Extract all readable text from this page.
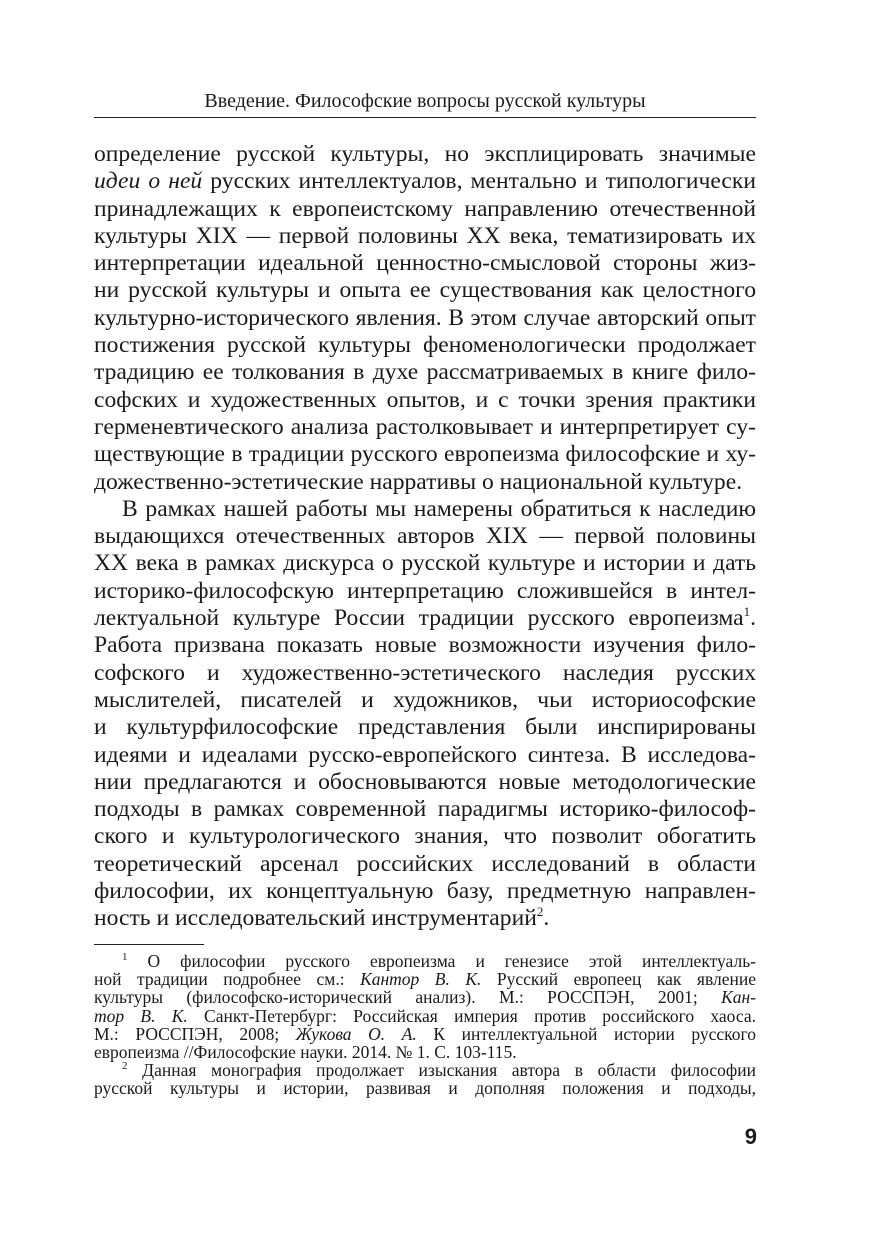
Введение. Философские вопросы русской культуры

определение русской культуры, но эксплицировать значимые
идеи о ней русских интеллектуалов, ментально и типологически
принадлежащих к европеистскому направлению отечественной
культуры XIX — первой половины XX века, тематизировать их
интерпретации идеальной ценностно-смысловой стороны жиз-
ни русской культуры и опыта ее существования как целостного
культурно-исторического явления. В этом случае авторский опыт
постижения русской культуры феноменологически продолжает
традицию ее толкования в духе рассматриваемых в книге фило-
софских и художественных опытов, и с точки зрения практики
герменевтического анализа растолковывает и интерпретирует су-
ществующие в традиции русского европеизма философские и ху-
дожественно-эстетические нарративы о национальной культуре.

В рамках нашей работы мы намерены обратиться к наследию
выдающихся отечественных авторов XIX — первой половины
XX века в рамках дискурса о русской культуре и истории и дать
историко-философскую интерпретацию сложившейся в интел-
лектуальной культуре России традиции русского европеизма$^1$.
Работа призвана показать новые возможности изучения фило-
софского и художественно-эстетического наследия русских
мыслителей, писателей и художников, чьи историософские
и культурфилософские представления были инспирированы
идеями и идеалами русско-европейского синтеза. В исследова-
нии предлагаются и обосновываются новые методологические
подходы в рамках современной парадигмы историко-философ-
ского и культурологического знания, что позволит обогатить
теоретический арсенал российских исследований в области
философии, их концептуальную базу, предметную направлен-
ность и исследовательский инструментарий$^2$.

$^1$ О философии русского европеизма и генезисе этой интеллектуаль-
ной традиции подробнее см.: Кантор В. К. Русский европеец как явление
культуры (философско-исторический анализ). М.: РОССПЭН, 2001; Кан-
тор В. К. Санкт-Петербург: Российская империя против российского хаоса.
М.: РОССПЭН, 2008; Жукова О. А. К интеллектуальной истории русского
европеизма //Философские науки. 2014. № 1. С. 103-115.
$^2$ Данная монография продолжает изыскания автора в области философии
русской культуры и истории, развивая и дополняя положения и подходы,
9
